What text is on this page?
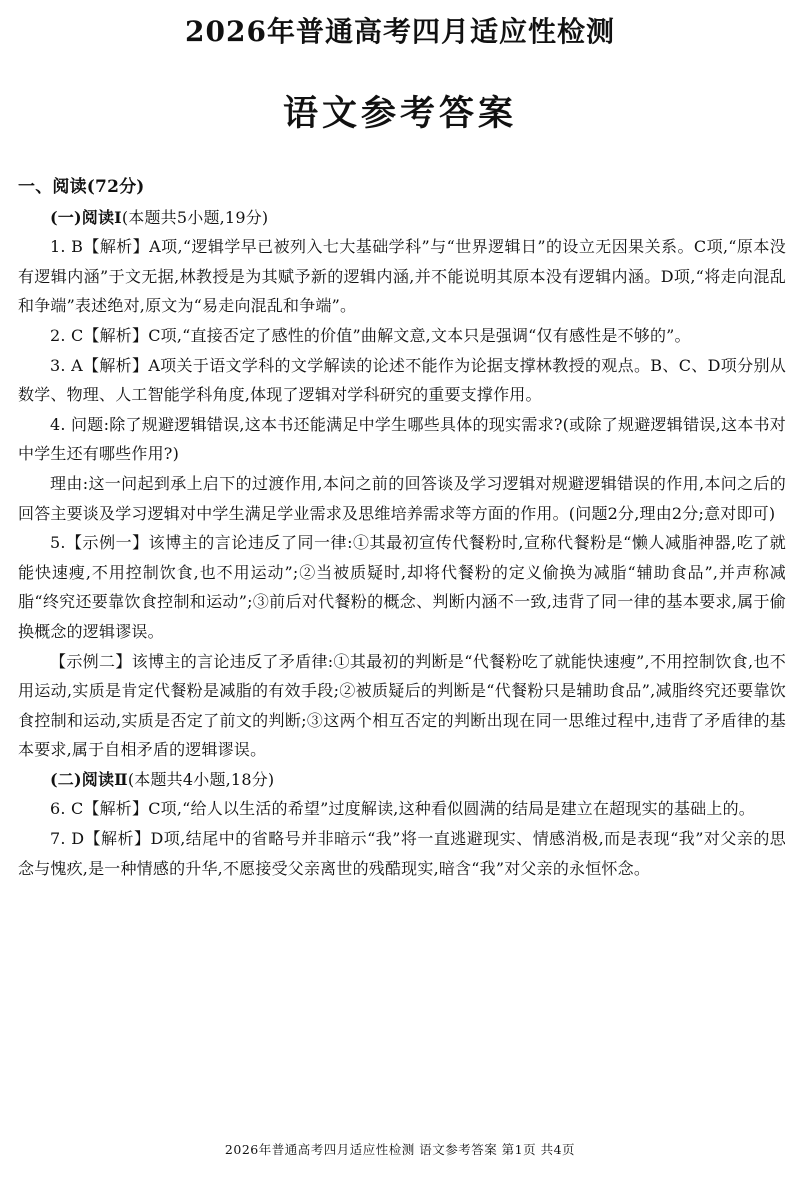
2026年普通高考四月适应性检测
语文参考答案

一、阅读(72分)

(一)阅读Ⅰ(本题共5小题,19分)

1. B【解析】A项,“逻辑学早已被列入七大基础学科”与“世界逻辑日”的设立无因果关系。C项,“原本没有逻辑内涵”于文无据,林教授是为其赋予新的逻辑内涵,并不能说明其原本没有逻辑内涵。D项,“将走向混乱和争端”表述绝对,原文为“易走向混乱和争端”。

2. C【解析】C项,“直接否定了感性的价值”曲解文意,文本只是强调“仅有感性是不够的”。

3. A【解析】A项关于语文学科的文学解读的论述不能作为论据支撑林教授的观点。B、C、D项分别从数学、物理、人工智能学科角度,体现了逻辑对学科研究的重要支撑作用。

4. 问题:除了规避逻辑错误,这本书还能满足中学生哪些具体的现实需求?(或除了规避逻辑错误,这本书对中学生还有哪些作用?)

理由:这一问起到承上启下的过渡作用,本问之前的回答谈及学习逻辑对规避逻辑错误的作用,本问之后的回答主要谈及学习逻辑对中学生满足学业需求及思维培养需求等方面的作用。(问题2分,理由2分;意对即可)

5.【示例一】该博主的言论违反了同一律:①其最初宣传代餐粉时,宣称代餐粉是“懒人减脂神器,吃了就能快速瘦,不用控制饮食,也不用运动”;②当被质疑时,却将代餐粉的定义偷换为减脂“辅助食品”,并声称减脂“终究还要靠饮食控制和运动”;③前后对代餐粉的概念、判断内涵不一致,违背了同一律的基本要求,属于偷换概念的逻辑谬误。

【示例二】该博主的言论违反了矛盾律:①其最初的判断是“代餐粉吃了就能快速瘦”,不用控制饮食,也不用运动,实质是肯定代餐粉是减脂的有效手段;②被质疑后的判断是“代餐粉只是辅助食品”,减脂终究还要靠饮食控制和运动,实质是否定了前文的判断;③这两个相互否定的判断出现在同一思维过程中,违背了矛盾律的基本要求,属于自相矛盾的逻辑谬误。

(二)阅读Ⅱ(本题共4小题,18分)

6. C【解析】C项,“给人以生活的希望”过度解读,这种看似圆满的结局是建立在超现实的基础上的。

7. D【解析】D项,结尾中的省略号并非暗示“我”将一直逃避现实、情感消极,而是表现“我”对父亲的思念与愧疚,是一种情感的升华,不愿接受父亲离世的残酷现实,暗含“我”对父亲的永恒怀念。

2026年普通高考四月适应性检测 语文参考答案 第1页 共4页
